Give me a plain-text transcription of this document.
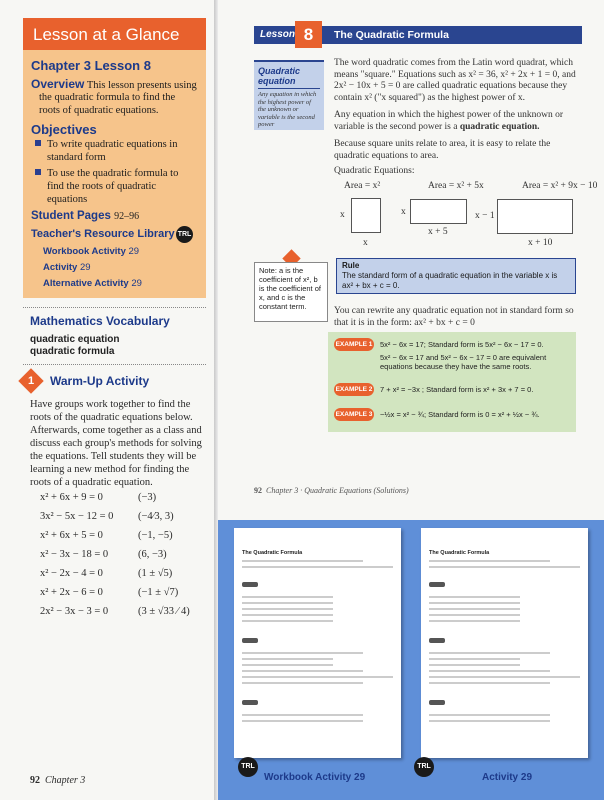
Lesson at a Glance
Chapter 3 Lesson 8
Overview This lesson presents using
the quadratic formula to find the
roots of quadratic equations.
Objectives
To write quadratic equations in
standard form
To use the quadratic formula to
find the roots of quadratic
equations
Student Pages 92–96
Teacher's Resource Library TRL
Workbook Activity 29
Activity 29
Alternative Activity 29
Mathematics Vocabulary
quadratic equation
quadratic formula
1	Warm-Up Activity
Have groups work together to find the
roots of the quadratic equations below.
Afterwards, come together as a class and
discuss each group's methods for solving
the equations. Tell students they will be
learning a new method for finding the
roots of a quadratic equation.
x² + 6x + 9 = 0	(−3)
3x² − 5x − 12 = 0 (−4⁄3, 3)
x² + 6x + 5 = 0	(−1, −5)
x² − 3x − 18 = 0	(6, −3)
x² − 2x − 4 = 0	(1 ± √5)
x² + 2x − 6 = 0	(−1 ± √7)
2x² − 3x − 3 = 0	(3 ± √33 ⁄ 4)
92 Chapter 3
Lesson 8	The Quadratic Formula
Quadratic
equation
Any equation in which the highest power of the unknown or variable is the second power
The word quadratic comes from the Latin word quadrat, which means "square." Equations such as x² = 36, x² + 2x + 1 = 0, and 2x² − 10x + 5 = 0 are called quadratic equations because they contain x² ("x squared") as the highest power of x.
Any equation in which the highest power of the unknown or variable is the second power is a quadratic equation.
Because square units relate to area, it is easy to relate the quadratic equations to area.
Quadratic Equations:
Area = x²	Area = x² + 5x	Area = x² + 9x − 10
x
x
x
x + 5
x − 1
x + 10
Note: a is the coefficient of x², b is the coefficient of x, and c is the constant term.
Rule
The standard form of a quadratic equation in the variable x is ax² + bx + c = 0.
You can rewrite any quadratic equation not in standard form so that it is in the form: ax² + bx + c = 0
EXAMPLE 1 5x² − 6x = 17; Standard form is 5x² − 6x − 17 = 0.
5x² − 6x = 17 and 5x² − 6x − 17 = 0 are equivalent
equations because they have the same roots.
EXAMPLE 2 7 + x² = −3x ; Standard form is x² + 3x + 7 = 0.
EXAMPLE 3 −½x = x² − ¾; Standard form is 0 = x² + ½x − ¾.
92 Chapter 3 · Quadratic Equations (Solutions)
The Quadratic Formula	The Quadratic Formula
TRL
Workbook Activity 29
TRL
Activity 29
